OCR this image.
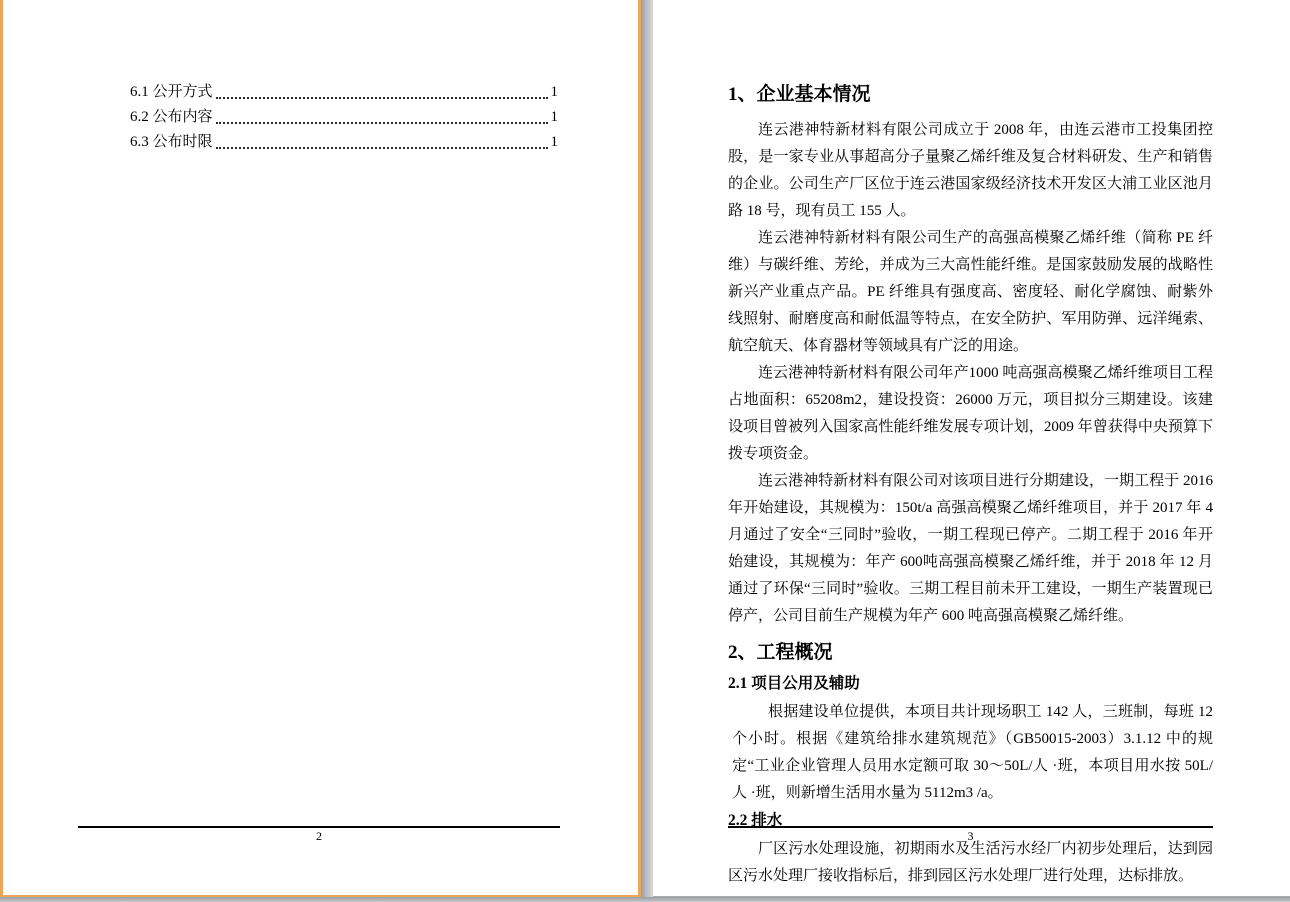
6.1 公开方式	1
6.2 公布内容	1
6.3 公布时限	1
2
1、企业基本情况

连云港神特新材料有限公司成立于 2008 年，由连云港市工投集团控股，是一家专业从事超高分子量聚乙烯纤维及复合材料研发、生产和销售的企业。公司生产厂区位于连云港国家级经济技术开发区大浦工业区池月路 18 号，现有员工 155 人。

连云港神特新材料有限公司生产的高强高模聚乙烯纤维（简称 PE 纤维）与碳纤维、芳纶，并成为三大高性能纤维。是国家鼓励发展的战略性新兴产业重点产品。PE 纤维具有强度高、密度轻、耐化学腐蚀、耐紫外线照射、耐磨度高和耐低温等特点，在安全防护、军用防弹、远洋绳索、航空航天、体育器材等领域具有广泛的用途。

连云港神特新材料有限公司年产1000 吨高强高模聚乙烯纤维项目工程占地面积：65208m2，建设投资：26000 万元，项目拟分三期建设。该建设项目曾被列入国家高性能纤维发展专项计划，2009 年曾获得中央预算下拨专项资金。

连云港神特新材料有限公司对该项目进行分期建设，一期工程于 2016 年开始建设，其规模为：150t/a 高强高模聚乙烯纤维项目，并于 2017 年 4 月通过了安全“三同时”验收，一期工程现已停产。二期工程于 2016 年开始建设，其规模为：年产 600吨高强高模聚乙烯纤维，并于 2018 年 12 月通过了环保“三同时”验收。三期工程目前未开工建设，一期生产装置现已停产，公司目前生产规模为年产 600 吨高强高模聚乙烯纤维。

2、工程概况
2.1 项目公用及辅助

根据建设单位提供，本项目共计现场职工 142 人，三班制，每班 12 个小时。根据《建筑给排水建筑规范》（GB50015-2003）3.1.12 中的规定“工业企业管理人员用水定额可取 30～50L/人 ·班，本项目用水按 50L/人 ·班，则新增生活用水量为 5112m3 /a。

2.2 排水

厂区污水处理设施，初期雨水及生活污水经厂内初步处理后，达到园区污水处理厂接收指标后，排到园区污水处理厂进行处理，达标排放。

3
